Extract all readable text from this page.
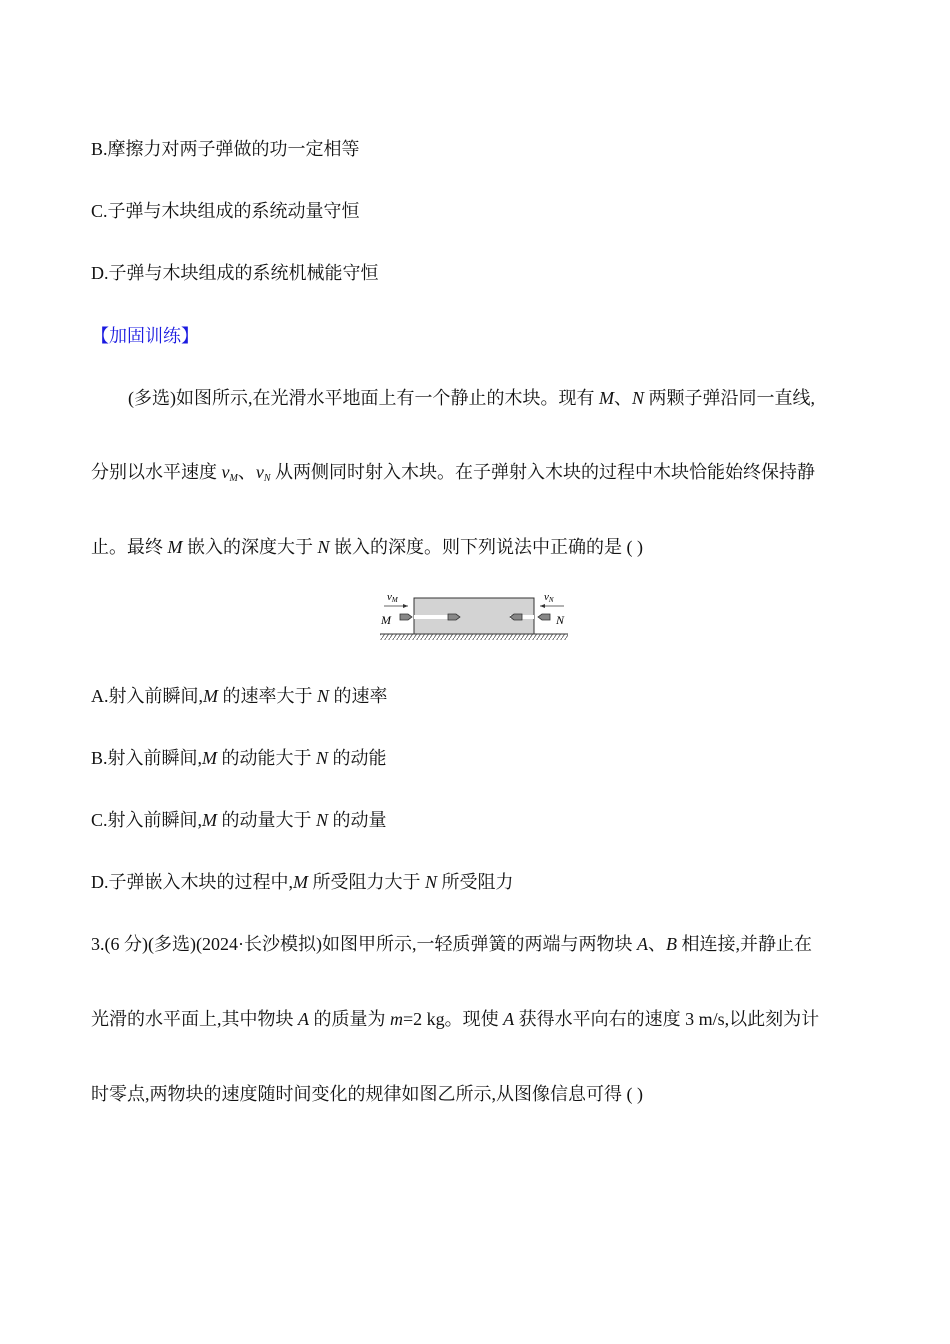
B.摩擦力对两子弹做的功一定相等
C.子弹与木块组成的系统动量守恒
D.子弹与木块组成的系统机械能守恒
【加固训练】
(多选)如图所示,在光滑水平地面上有一个静止的木块。现有 M、N 两颗子弹沿同一直线,
分别以水平速度 $v_M$、$v_N$ 从两侧同时射入木块。在子弹射入木块的过程中木块恰能始终保持静
止。最终 M 嵌入的深度大于 N 嵌入的深度。则下列说法中正确的是 ( )
vM	vN
M	N
A.射入前瞬间,M 的速率大于 N 的速率
B.射入前瞬间,M 的动能大于 N 的动能
C.射入前瞬间,M 的动量大于 N 的动量
D.子弹嵌入木块的过程中,M 所受阻力大于 N 所受阻力
3.(6 分)(多选)(2024·长沙模拟)如图甲所示,一轻质弹簧的两端与两物块 A、B 相连接,并静止在
光滑的水平面上,其中物块 A 的质量为 m=2 kg。现使 A 获得水平向右的速度 3 m/s,以此刻为计
时零点,两物块的速度随时间变化的规律如图乙所示,从图像信息可得 ( )
